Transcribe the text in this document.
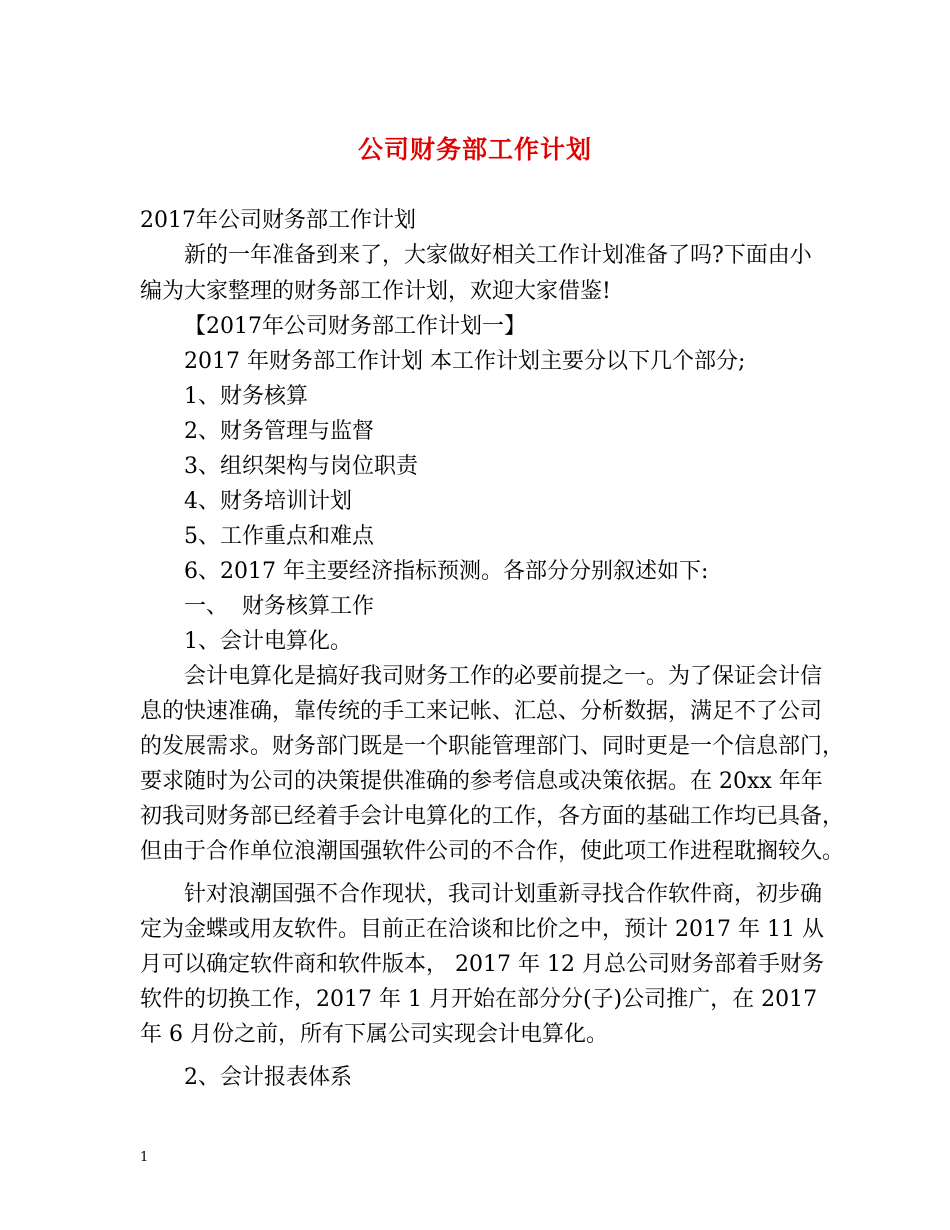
公司财务部工作计划
2017年公司财务部工作计划
新的一年准备到来了，大家做好相关工作计划准备了吗?下面由小
编为大家整理的财务部工作计划，欢迎大家借鉴!
【2017年公司财务部工作计划一】
2017 年财务部工作计划 本工作计划主要分以下几个部分;
1、财务核算
2、财务管理与监督
3、组织架构与岗位职责
4、财务培训计划
5、工作重点和难点
6、2017 年主要经济指标预测。各部分分别叙述如下:
一、  财务核算工作
1、会计电算化。
会计电算化是搞好我司财务工作的必要前提之一。为了保证会计信
息的快速准确，靠传统的手工来记帐、汇总、分析数据，满足不了公司
的发展需求。财务部门既是一个职能管理部门、同时更是一个信息部门，
要求随时为公司的决策提供准确的参考信息或决策依据。在 20xx 年年
初我司财务部已经着手会计电算化的工作，各方面的基础工作均已具备，
但由于合作单位浪潮国强软件公司的不合作，使此项工作进程耽搁较久。
针对浪潮国强不合作现状，我司计划重新寻找合作软件商，初步确
定为金蝶或用友软件。目前正在洽谈和比价之中，预计 2017 年 11 从
月可以确定软件商和软件版本， 2017 年 12 月总公司财务部着手财务
软件的切换工作，2017 年 1 月开始在部分分(子)公司推广，在 2017
年 6 月份之前，所有下属公司实现会计电算化。
2、会计报表体系
1
